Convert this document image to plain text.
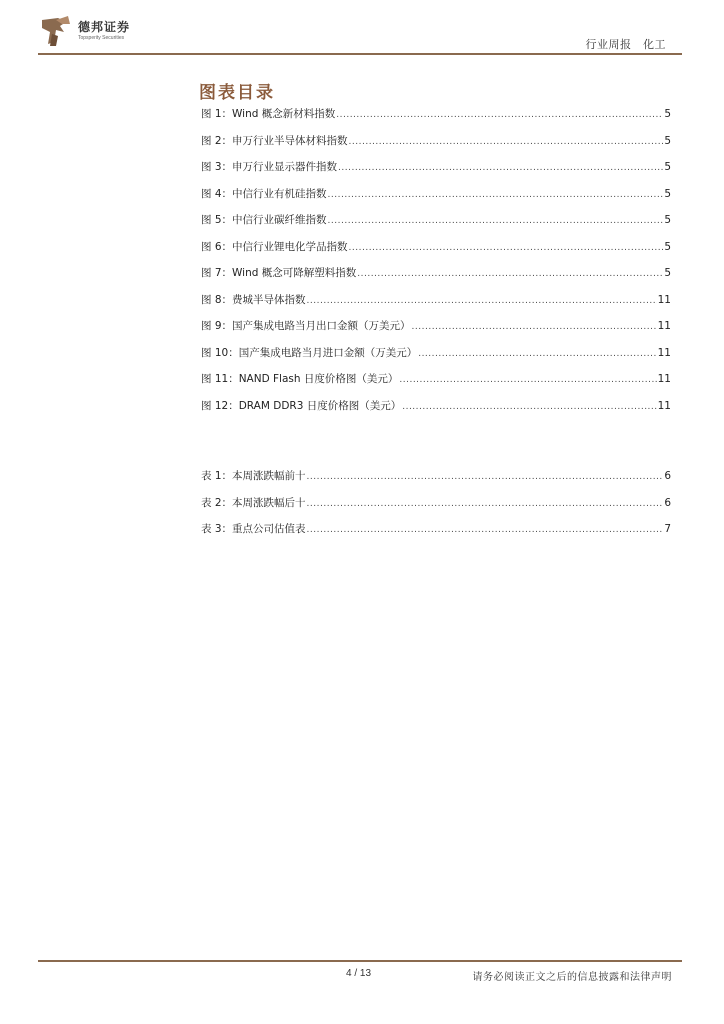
德邦证券
Topsperity Securities	行业周报　化工
图表目录
图 1：Wind 概念新材料指数 .....	5
图 2：申万行业半导体材料指数 .....	5
图 3：申万行业显示器件指数 .....	5
图 4：中信行业有机硅指数 .....	5
图 5：中信行业碳纤维指数 .....	5
图 6：中信行业锂电化学品指数 .....	5
图 7：Wind 概念可降解塑料指数 .....	5
图 8：费城半导体指数 .....	11
图 9：国产集成电路当月出口金额（万美元） .....	11
图 10：国产集成电路当月进口金额（万美元） .....	11
图 11：NAND Flash 日度价格图（美元） .....	11
图 12：DRAM DDR3 日度价格图（美元） .....	11
表 1：本周涨跌幅前十 .....	6
表 2：本周涨跌幅后十 .....	6
表 3：重点公司估值表 .....	7
4 / 13	请务必阅读正文之后的信息披露和法律声明
